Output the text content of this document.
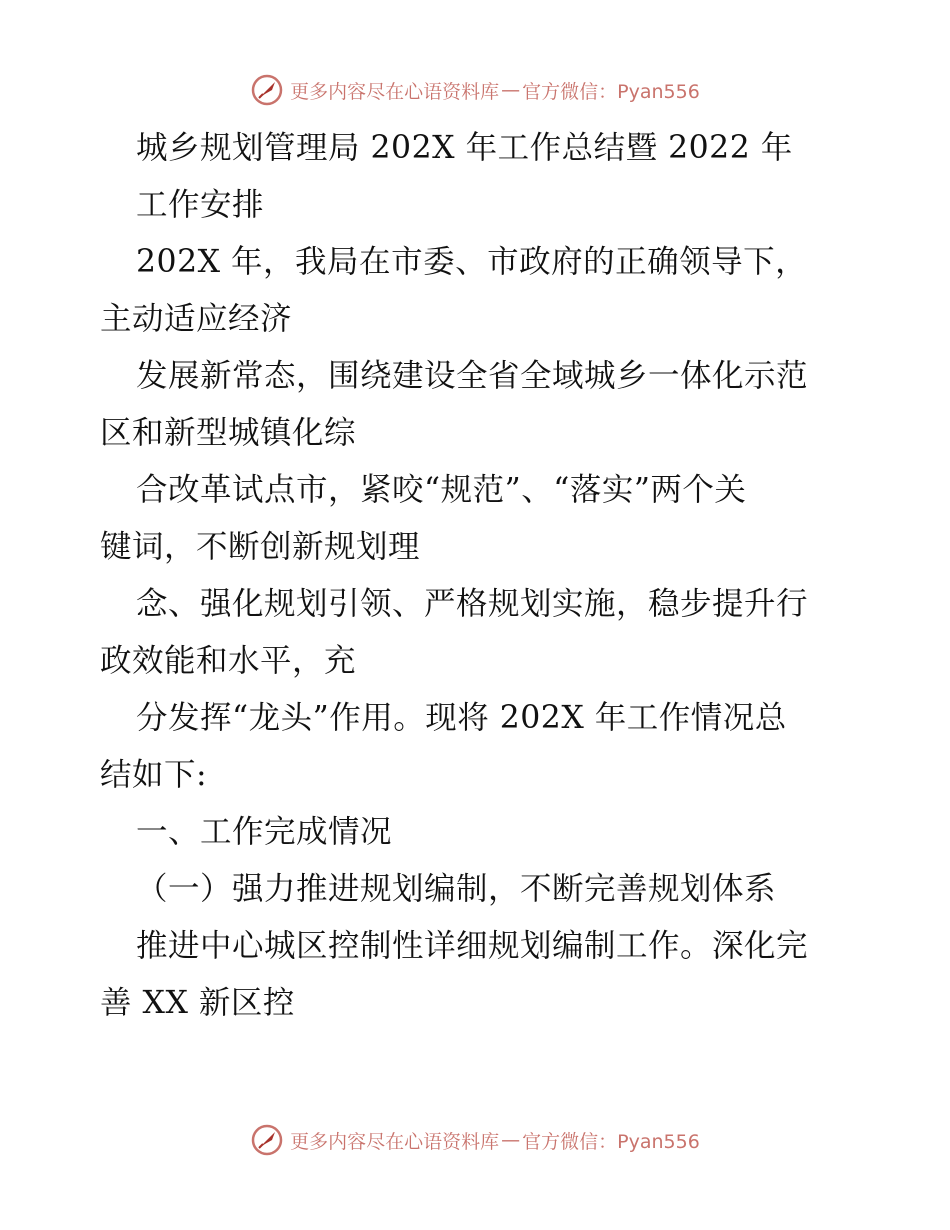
更多内容尽在心语资料库 — 官方微信：Pyan556
城乡规划管理局 202X 年工作总结暨 2022 年
工作安排
202X 年，我局在市委、市政府的正确领导下，
主动适应经济
发展新常态，围绕建设全省全域城乡一体化示范
区和新型城镇化综
合改革试点市，紧咬“规范”、“落实”两个关
键词，不断创新规划理
念、强化规划引领、严格规划实施，稳步提升行
政效能和水平，充
分发挥“龙头”作用。现将 202X 年工作情况总
结如下:
一、工作完成情况
（一）强力推进规划编制，不断完善规划体系
推进中心城区控制性详细规划编制工作。深化完
善 XX 新区控
更多内容尽在心语资料库 — 官方微信：Pyan556
